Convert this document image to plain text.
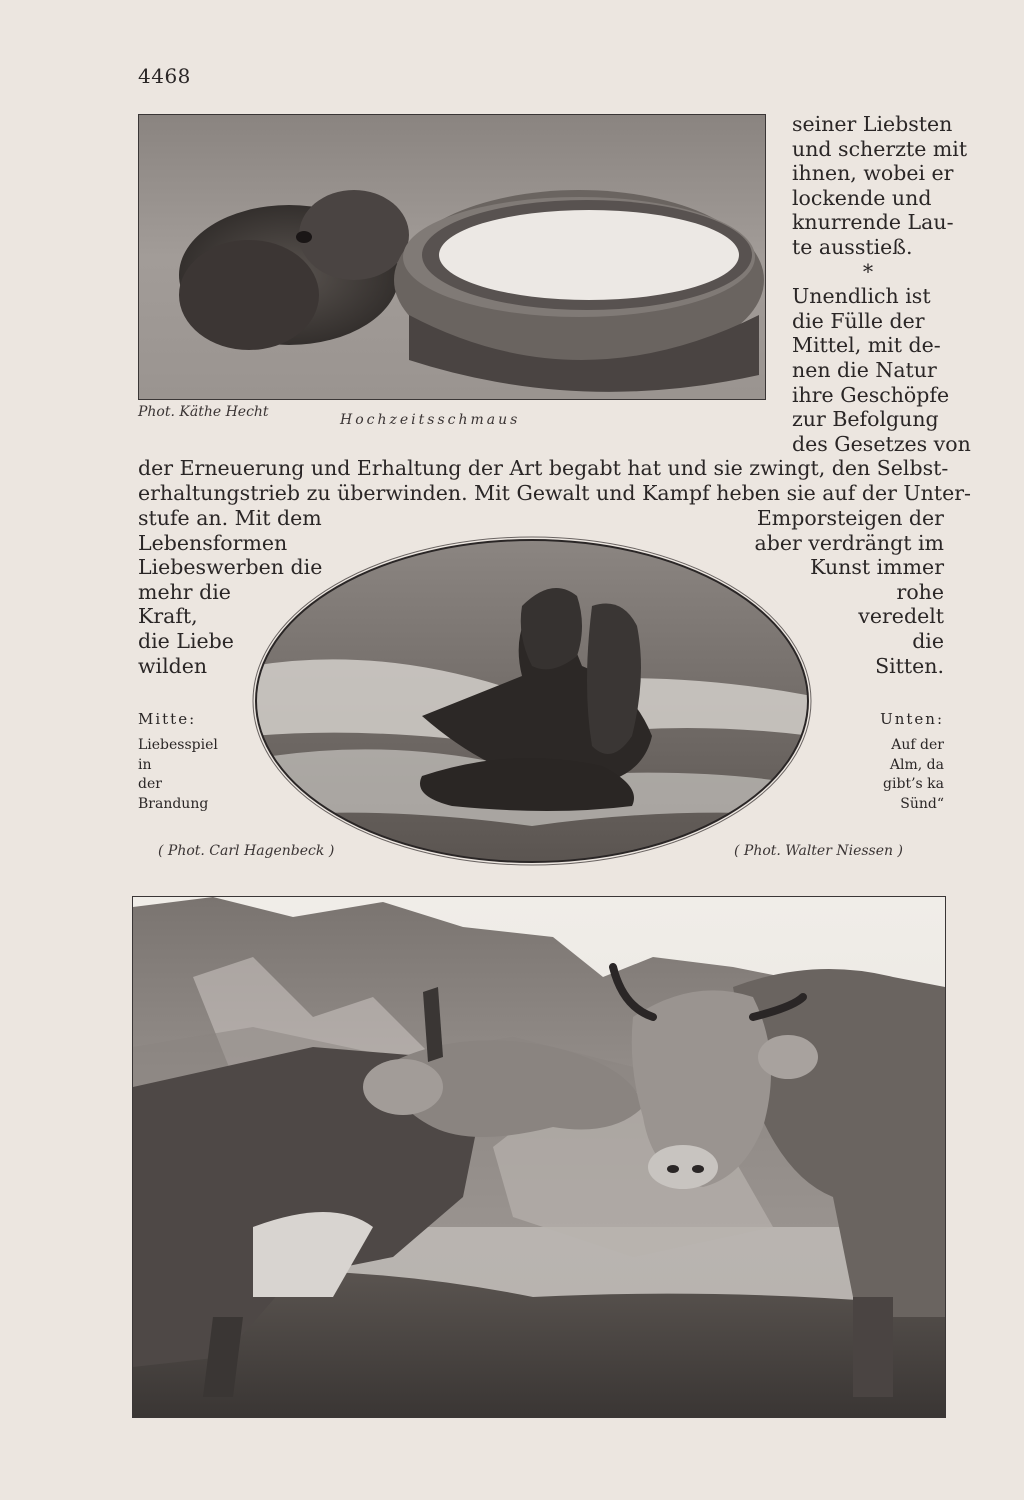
4468
Phot. Käthe Hecht	Hochzeitsschmaus
seiner Liebsten
und scherzte mit
ihnen, wobei er
lockende und
knurrende Lau-
te ausstieß.
*
Unendlich ist
die Fülle der
Mittel, mit de-
nen die Natur
ihre Geschöpfe
zur Befolgung
des Gesetzes von
der Erneuerung und Erhaltung der Art begabt hat und sie zwingt, den Selbst-
erhaltungstrieb zu überwinden. Mit Gewalt und Kampf heben sie auf der Unter-
stufe an. Mit dem
Lebensformen
Liebeswerben die
mehr die
Kraft,
die Liebe
wilden
Emporsteigen der
aber verdrängt im
Kunst immer
rohe
veredelt
die
Sitten.
Mitte:
Liebesspiel
in
der
Brandung
( Phot. Carl Hagenbeck )
Unten:
Auf der
Alm, da
gibt’s ka
Sünd“
( Phot. Walter Niessen )
